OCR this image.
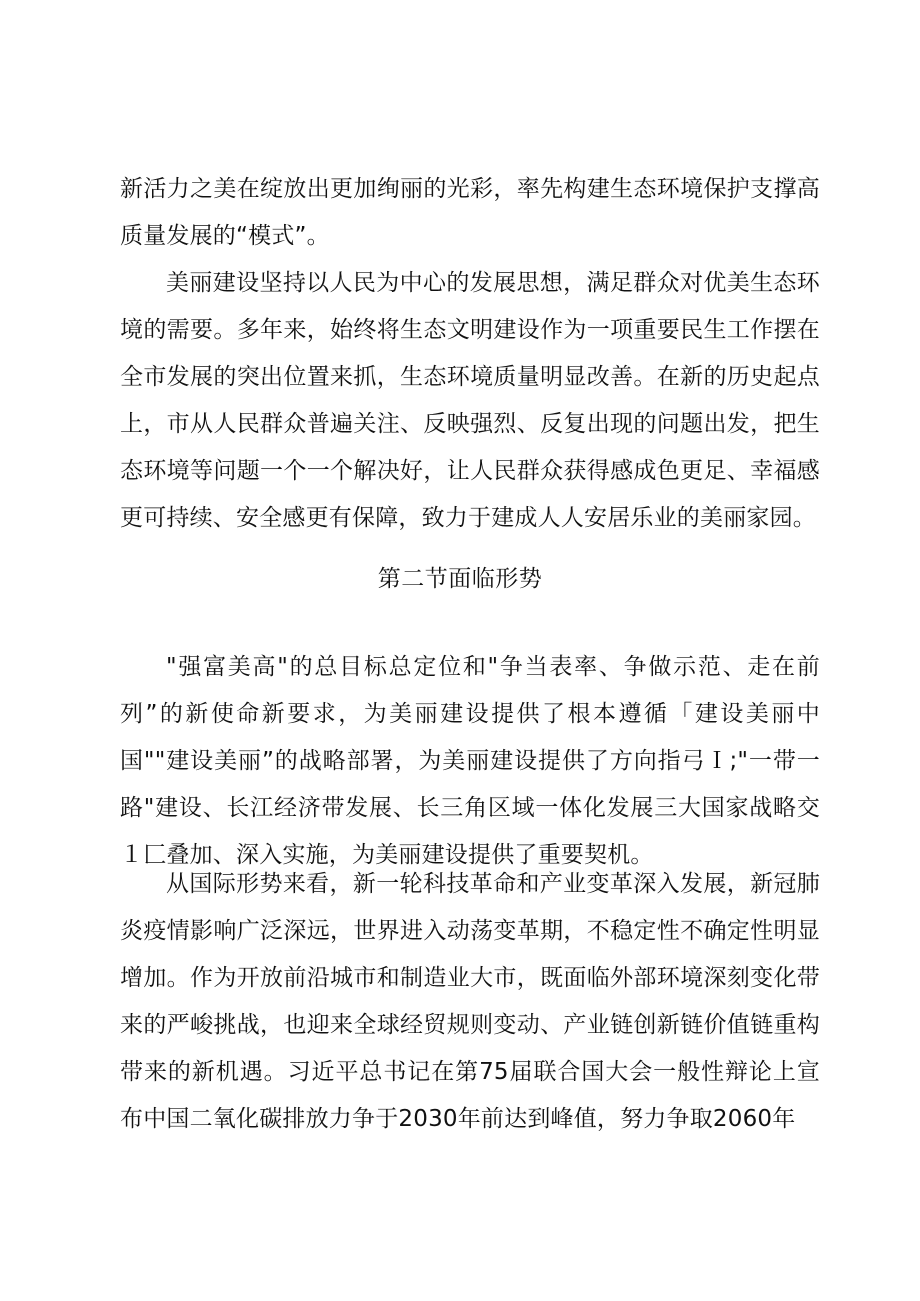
新活力之美在绽放出更加绚丽的光彩，率先构建生态环境保护支撑高质量发展的“模式”。

美丽建设坚持以人民为中心的发展思想，满足群众对优美生态环境的需要。多年来，始终将生态文明建设作为一项重要民生工作摆在全市发展的突出位置来抓，生态环境质量明显改善。在新的历史起点上，市从人民群众普遍关注、反映强烈、反复出现的问题出发，把生态环境等问题一个一个解决好，让人民群众获得感成色更足、幸福感更可持续、安全感更有保障，致力于建成人人安居乐业的美丽家园。

第二节面临形势

"强富美高"的总目标总定位和"争当表率、争做示范、走在前列”的新使命新要求，为美丽建设提供了根本遵循「建设美丽中国""建设美丽”的战略部署，为美丽建设提供了方向指弓Ｉ;"一带一路"建设、长江经济带发展、长三角区域一体化发展三大国家战略交１匚叠加、深入实施，为美丽建设提供了重要契机。

从国际形势来看，新一轮科技革命和产业变革深入发展，新冠肺炎疫情影响广泛深远，世界进入动荡变革期，不稳定性不确定性明显增加。作为开放前沿城市和制造业大市，既面临外部环境深刻变化带来的严峻挑战，也迎来全球经贸规则变动、产业链创新链价值链重构带来的新机遇。习近平总书记在第75届联合国大会一般性辩论上宣布中国二氧化碳排放力争于2030年前达到峰值，努力争取2060年
